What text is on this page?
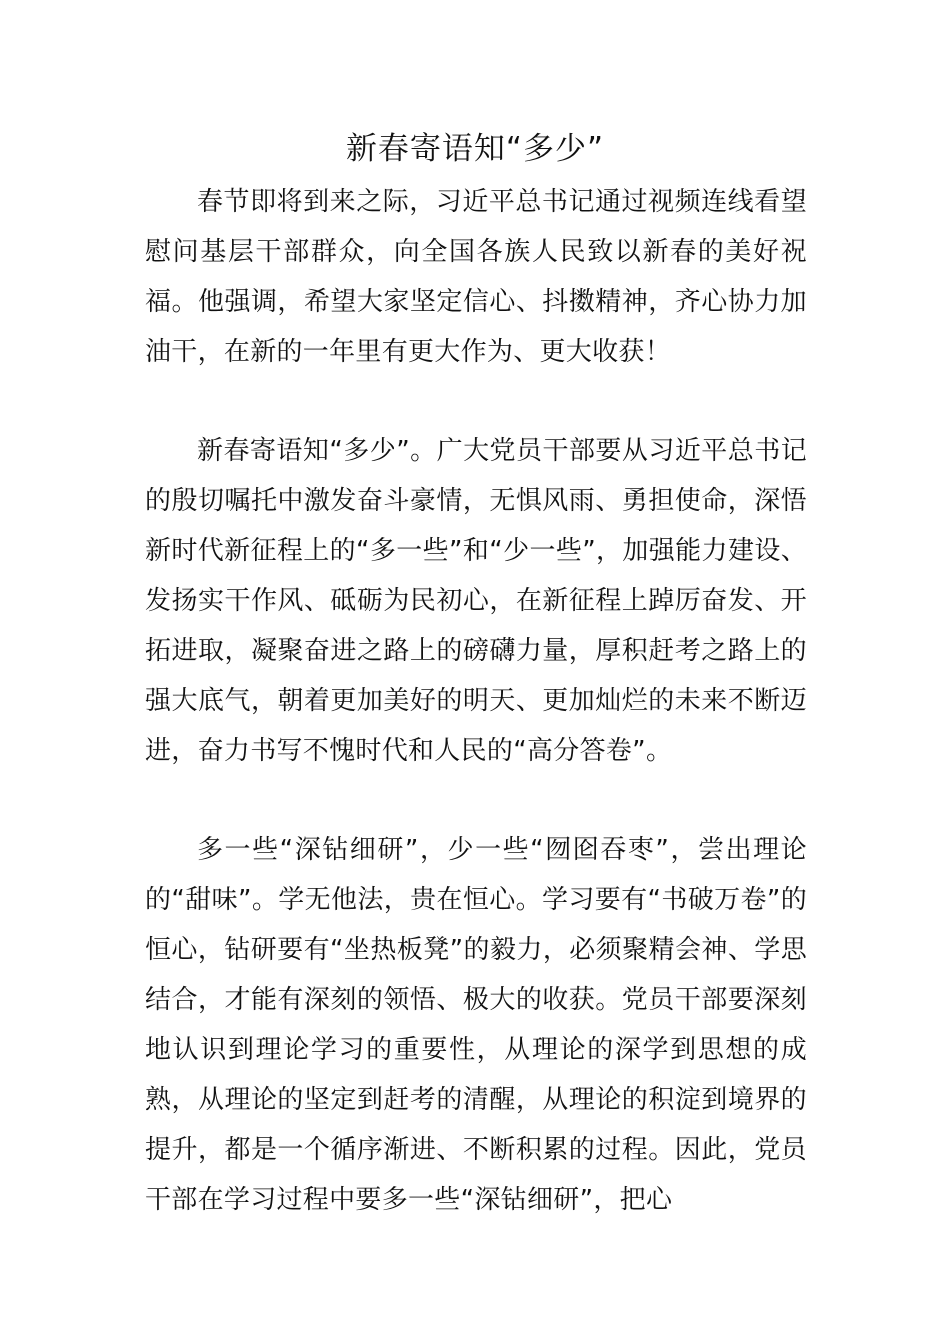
新春寄语知“多少”

春节即将到来之际，习近平总书记通过视频连线看望慰问基层干部群众，向全国各族人民致以新春的美好祝福。他强调，希望大家坚定信心、抖擞精神，齐心协力加油干，在新的一年里有更大作为、更大收获！

新春寄语知“多少”。广大党员干部要从习近平总书记的殷切嘱托中激发奋斗豪情，无惧风雨、勇担使命，深悟新时代新征程上的“多一些”和“少一些”，加强能力建设、发扬实干作风、砥砺为民初心，在新征程上踔厉奋发、开拓进取，凝聚奋进之路上的磅礴力量，厚积赶考之路上的强大底气，朝着更加美好的明天、更加灿烂的未来不断迈进，奋力书写不愧时代和人民的“高分答卷”。

多一些“深钻细研”，少一些“囫囵吞枣”，尝出理论的“甜味”。学无他法，贵在恒心。学习要有“书破万卷”的恒心，钻研要有“坐热板凳”的毅力，必须聚精会神、学思结合，才能有深刻的领悟、极大的收获。党员干部要深刻地认识到理论学习的重要性，从理论的深学到思想的成熟，从理论的坚定到赶考的清醒，从理论的积淀到境界的提升，都是一个循序渐进、不断积累的过程。因此，党员干部在学习过程中要多一些“深钻细研”，把心
